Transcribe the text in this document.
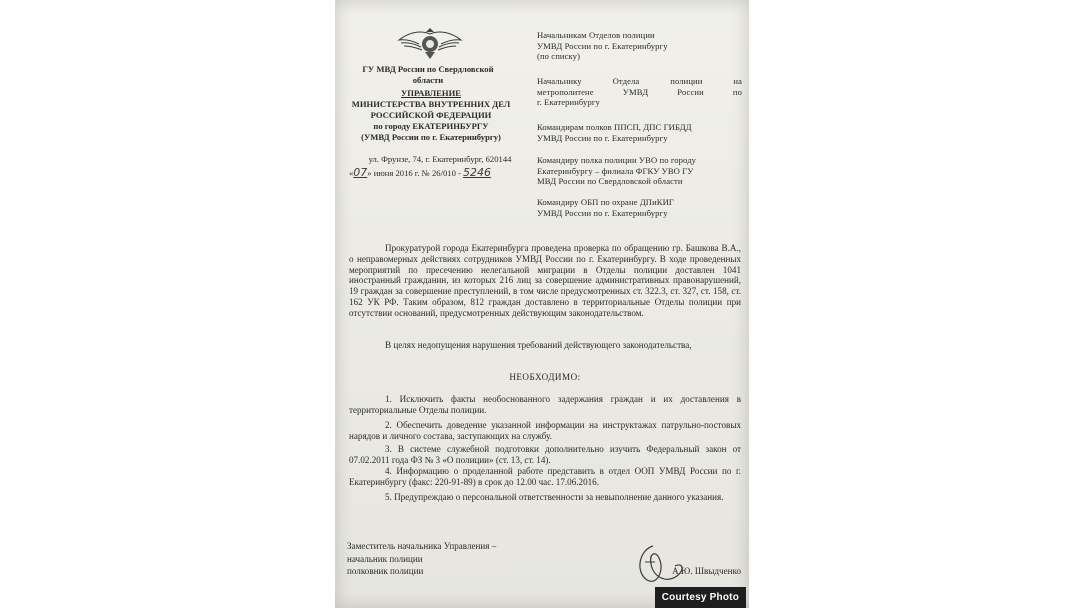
ГУ МВД России по Свердловской области
УПРАВЛЕНИЕ
МИНИСТЕРСТВА ВНУТРЕННИХ ДЕЛ
РОССИЙСКОЙ ФЕДЕРАЦИИ
по городу ЕКАТЕРИНБУРГУ
(УМВД России по г. Екатеринбургу)
ул. Фрунзе, 74, г. Екатеринбург, 620144
«07» июня 2016 г. № 26/010 - 5246
Начальникам Отделов полиции
УМВД России по г. Екатеринбургу
(по списку)
Начальнику Отдела полиции на
метрополитене УМВД России по
г. Екатеринбургу
Командирам полков ППСП, ДПС ГИБДД
УМВД России по г. Екатеринбургу
Командиру полка полиции УВО по городу
Екатеринбургу – филиала ФГКУ УВО ГУ
МВД России по Свердловской области
Командиру ОБП по охране ДПиКИГ
УМВД России по г. Екатеринбургу
Прокуратурой города Екатеринбурга проведена проверка по обращению гр. Башкова В.А., о неправомерных действиях сотрудников УМВД России по г. Екатеринбургу. В ходе проведенных мероприятий по пресечению нелегальной миграции в Отделы полиции доставлен 1041 иностранный гражданин, из которых 216 лиц за совершение административных правонарушений, 19 граждан за совершение преступлений, в том числе предусмотренных ст. 322.3, ст. 327, ст. 158, ст. 162 УК РФ. Таким образом, 812 граждан доставлено в территориальные Отделы полиции при отсутствии оснований, предусмотренных действующим законодательством.
В целях недопущения нарушения требований действующего законодательства,
НЕОБХОДИМО:
1. Исключить факты необоснованного задержания граждан и их доставления в территориальные Отделы полиции.
2. Обеспечить доведение указанной информации на инструктажах патрульно-постовых нарядов и личного состава, заступающих на службу.
3. В системе служебной подготовки дополнительно изучить Федеральный закон от 07.02.2011 года ФЗ № 3 «О полиции» (ст. 13, ст. 14).
4. Информацию о проделанной работе представить в отдел ООП УМВД России по г. Екатеринбургу (факс: 220-91-89) в срок до 12.00 час. 17.06.2016.
5. Предупреждаю о персональной ответственности за невыполнение данного указания.
Заместитель начальника Управления –
начальник полиции
полковник полиции	А.Ю. Швыдченко
Courtesy Photo
